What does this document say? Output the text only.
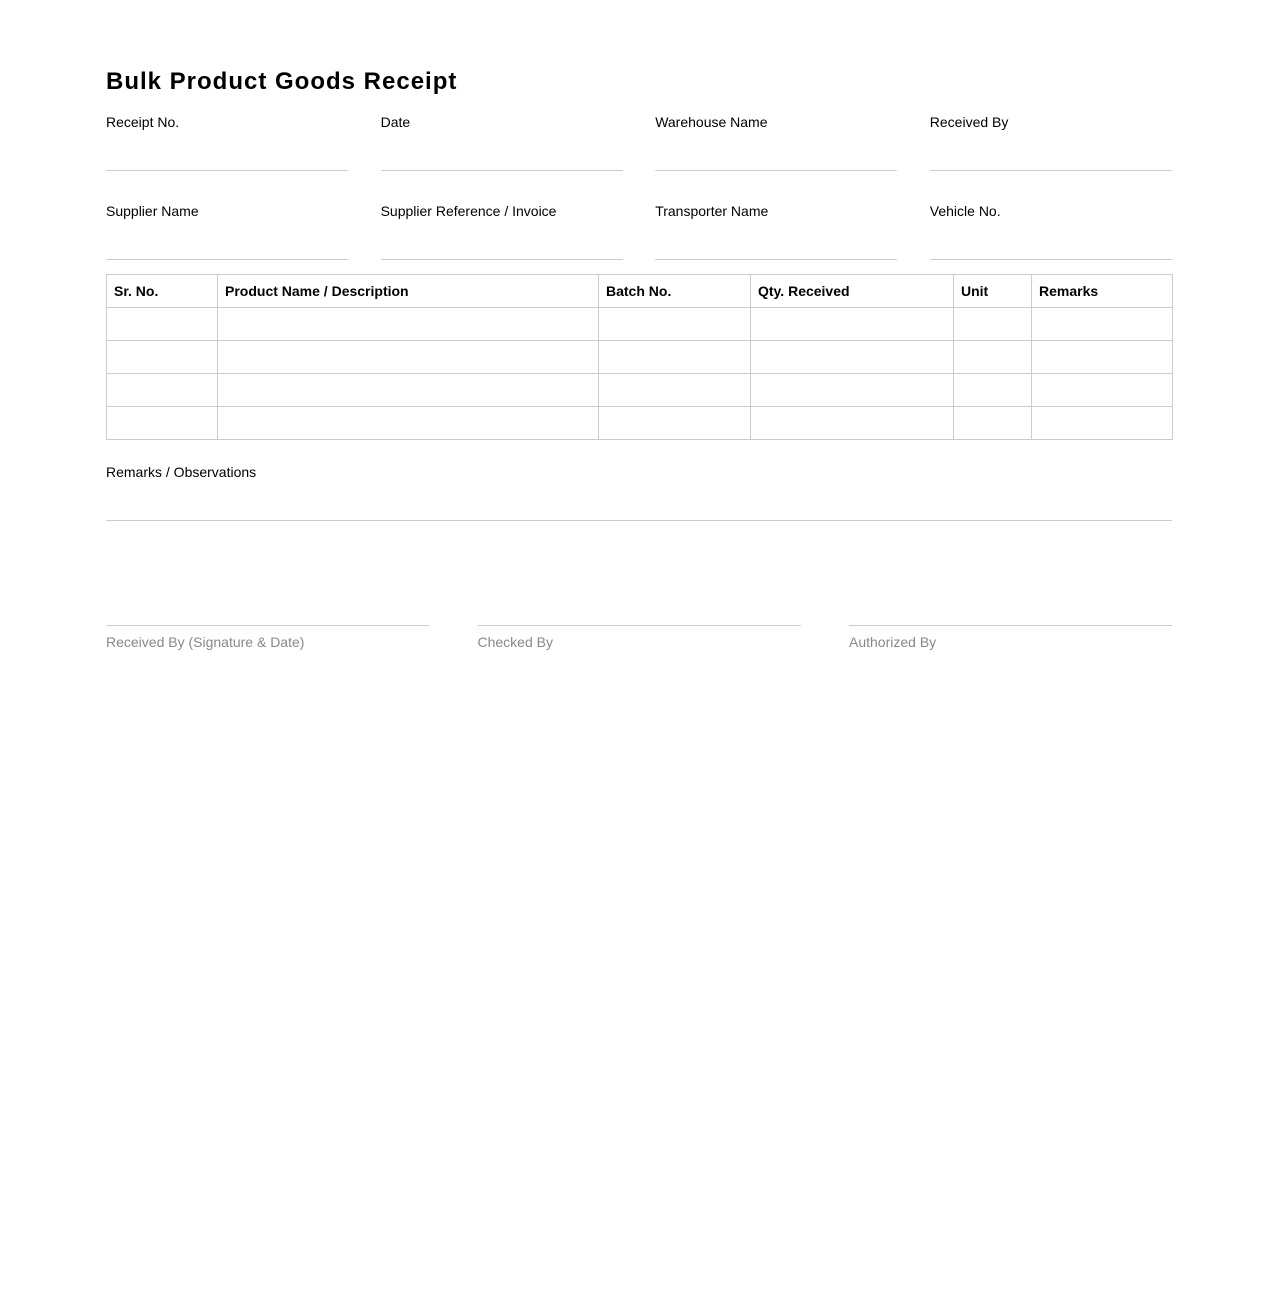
Bulk Product Goods Receipt
Receipt No.	Date	Warehouse Name	Received By
Supplier Name	Supplier Reference / Invoice	Transporter Name	Vehicle No.
Sr. No.	Product Name / Description	Batch No.	Qty. Received	Unit	Remarks

Remarks / Observations
Received By (Signature & Date)	Checked By	Authorized By
